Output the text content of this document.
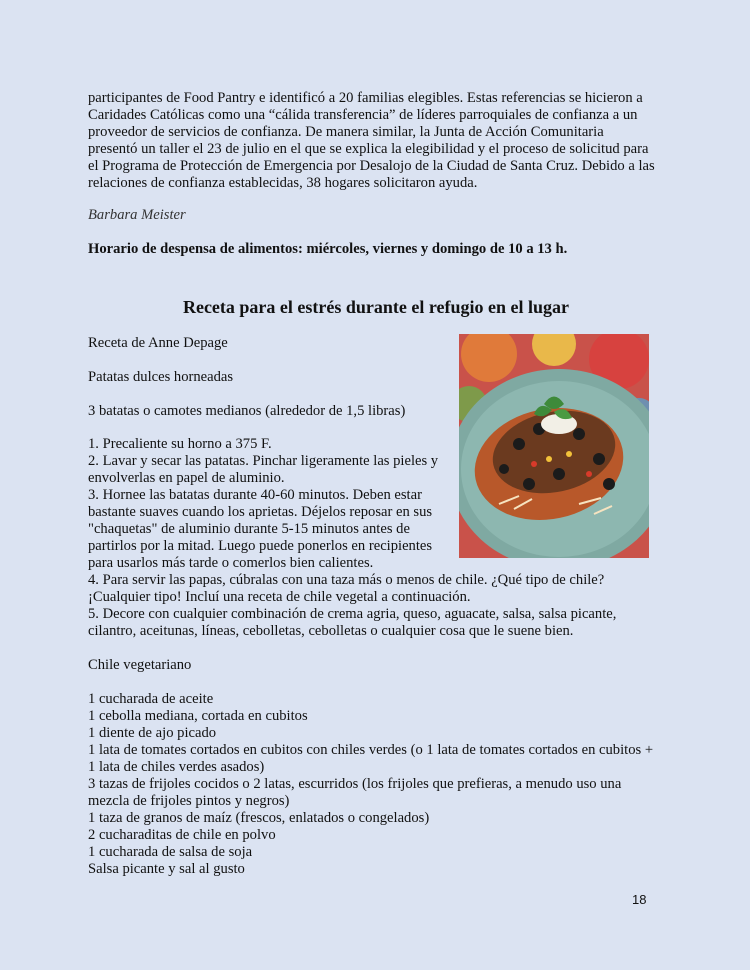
participantes de Food Pantry e identificó a 20 familias elegibles. Estas referencias se hicieron a
Caridades Católicas como una “cálida transferencia” de líderes parroquiales de confianza a un
proveedor de servicios de confianza. De manera similar, la Junta de Acción Comunitaria
presentó un taller el 23 de julio en el que se explica la elegibilidad y el proceso de solicitud para
el Programa de Protección de Emergencia por Desalojo de la Ciudad de Santa Cruz. Debido a las
relaciones de confianza establecidas, 38 hogares solicitaron ayuda.

Barbara Meister

Horario de despensa de alimentos: miércoles, viernes y domingo de 10 a 13 h.

Receta para el estrés durante el refugio en el lugar

Receta de Anne Depage

Patatas dulces horneadas

3 batatas o camotes medianos (alrededor de 1,5 libras)

1. Precaliente su horno a 375 F.
2. Lavar y secar las patatas. Pinchar ligeramente las pieles y
envolverlas en papel de aluminio.
3. Hornee las batatas durante 40-60 minutos. Deben estar
bastante suaves cuando los aprietas. Déjelos reposar en sus
"chaquetas" de aluminio durante 5-15 minutos antes de
partirlos por la mitad. Luego puede ponerlos en recipientes
para usarlos más tarde o comerlos bien calientes.
4. Para servir las papas, cúbralas con una taza más o menos de chile. ¿Qué tipo de chile?
¡Cualquier tipo! Incluí una receta de chile vegetal a continuación.
5. Decore con cualquier combinación de crema agria, queso, aguacate, salsa, salsa picante,
cilantro, aceitunas, líneas, cebolletas, cebolletas o cualquier cosa que le suene bien.

Chile vegetariano

1 cucharada de aceite
1 cebolla mediana, cortada en cubitos
1 diente de ajo picado
1 lata de tomates cortados en cubitos con chiles verdes (o 1 lata de tomates cortados en cubitos +
1 lata de chiles verdes asados)
3 tazas de frijoles cocidos o 2 latas, escurridos (los frijoles que prefieras, a menudo uso una
mezcla de frijoles pintos y negros)
1 taza de granos de maíz (frescos, enlatados o congelados)
2 cucharaditas de chile en polvo
1 cucharada de salsa de soja
Salsa picante y sal al gusto
18
